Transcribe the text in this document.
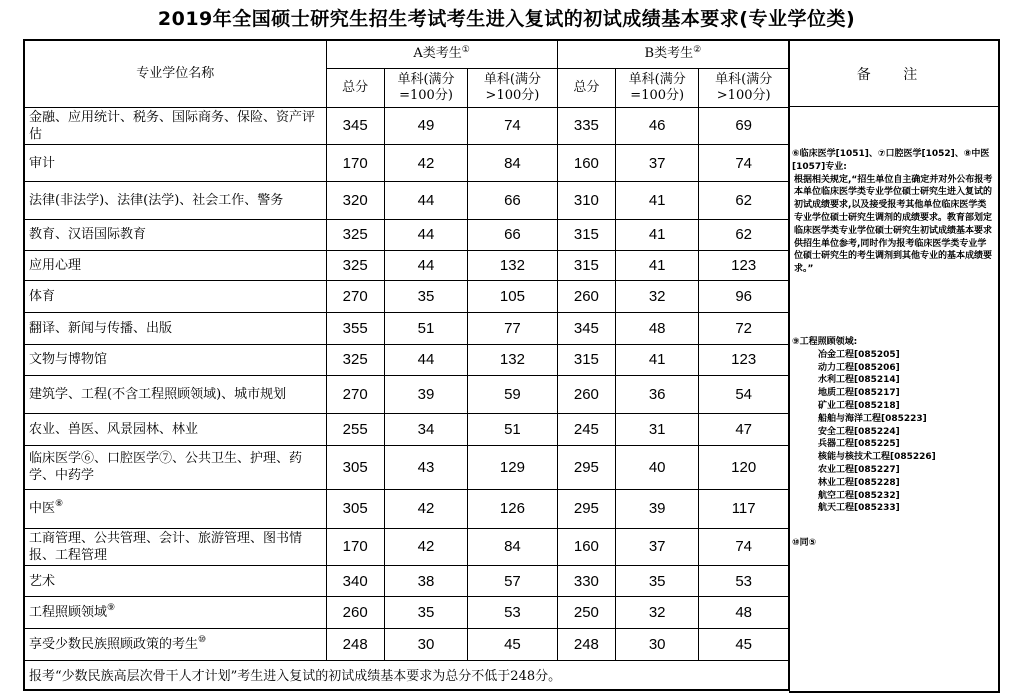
2019年全国硕士研究生招生考试考生进入复试的初试成绩基本要求(专业学位类)
专业学位名称	A类考生①			B类考生②
	总分	单科(满分=100分)	单科(满分>100分)	总分	单科(满分=100分)	单科(满分>100分)
金融、应用统计、税务、国际商务、保险、资产评估	345	49	74	335	46	69
审计	170	42	84	160	37	74
法律(非法学)、法律(法学)、社会工作、警务	320	44	66	310	41	62
教育、汉语国际教育	325	44	66	315	41	62
应用心理	325	44	132	315	41	123
体育	270	35	105	260	32	96
翻译、新闻与传播、出版	355	51	77	345	48	72
文物与博物馆	325	44	132	315	41	123
建筑学、工程(不含工程照顾领域)、城市规划	270	39	59	260	36	54
农业、兽医、风景园林、林业	255	34	51	245	31	47
临床医学⑥、口腔医学⑦、公共卫生、护理、药学、中药学	305	43	129	295	40	120
中医⑧	305	42	126	295	39	117
工商管理、公共管理、会计、旅游管理、图书情报、工程管理	170	42	84	160	37	74
艺术	340	38	57	330	35	53
工程照顾领域⑨	260	35	53	250	32	48
享受少数民族照顾政策的考生⑩	248	30	45	248	30	45
报考“少数民族高层次骨干人才计划”考生进入复试的初试成绩基本要求为总分不低于248分。						
备 注
⑥临床医学[1051]、⑦口腔医学[1052]、⑧中医[1057]专业:
根据相关规定,“招生单位自主确定并对外公布报考本单位临床医学类专业学位硕士研究生进入复试的初试成绩要求,以及接受报考其他单位临床医学类专业学位硕士研究生调剂的成绩要求。教育部划定临床医学类专业学位硕士研究生初试成绩基本要求供招生单位参考,同时作为报考临床医学类专业学位硕士研究生的考生调剂到其他专业的基本成绩要求。”
⑨工程照顾领域:
冶金工程[085205]
动力工程[085206]
水利工程[085214]
地质工程[085217]
矿业工程[085218]
船舶与海洋工程[085223]
安全工程[085224]
兵器工程[085225]
核能与核技术工程[085226]
农业工程[085227]
林业工程[085228]
航空工程[085232]
航天工程[085233]
⑩同⑤
